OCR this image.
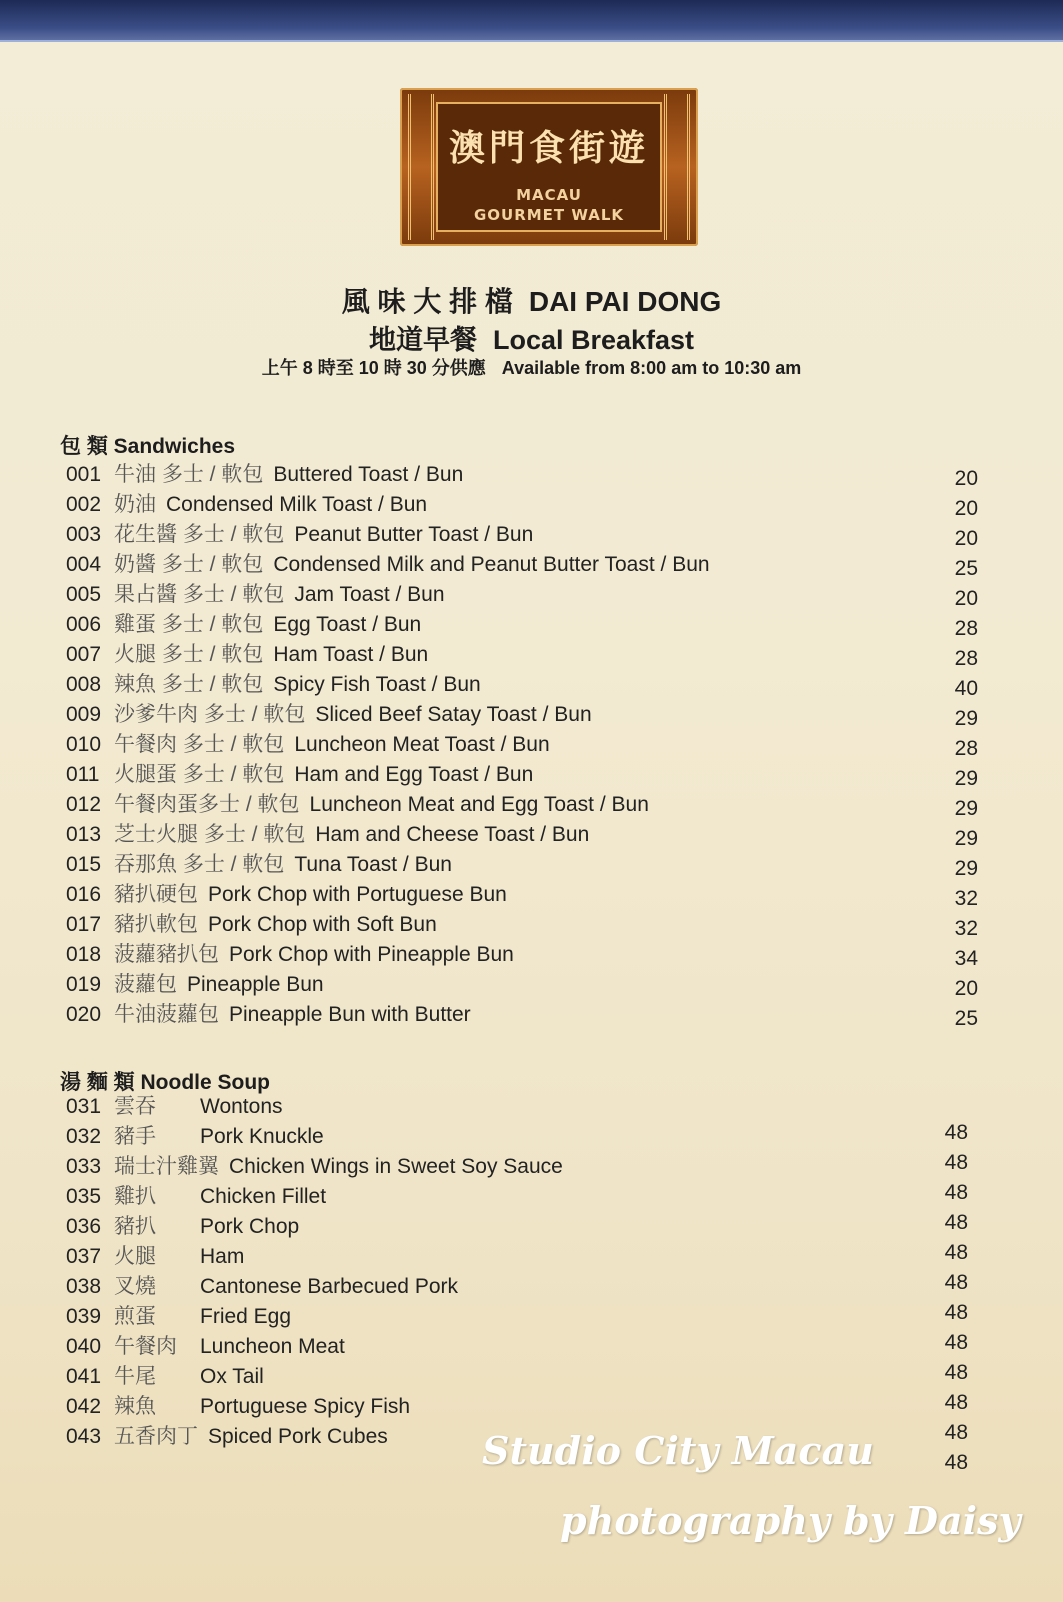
澳門食街遊
MACAU
GOURMET WALK
風 味 大 排 檔 DAI PAI DONG
地道早餐 Local Breakfast
上午 8 時至 10 時 30 分供應 Available from 8:00 am to 10:30 am
包 類 Sandwiches
001 牛油 多士 / 軟包 Buttered Toast / Bun
002 奶油 Condensed Milk Toast / Bun
003 花生醬 多士 / 軟包 Peanut Butter Toast / Bun
004 奶醬 多士 / 軟包 Condensed Milk and Peanut Butter Toast / Bun
005 果占醬 多士 / 軟包 Jam Toast / Bun
006 雞蛋 多士 / 軟包 Egg Toast / Bun
007 火腿 多士 / 軟包 Ham Toast / Bun
008 辣魚 多士 / 軟包 Spicy Fish Toast / Bun
009 沙爹牛肉 多士 / 軟包 Sliced Beef Satay Toast / Bun
010 午餐肉 多士 / 軟包 Luncheon Meat Toast / Bun
011 火腿蛋 多士 / 軟包 Ham and Egg Toast / Bun
012 午餐肉蛋多士 / 軟包 Luncheon Meat and Egg Toast / Bun
013 芝士火腿 多士 / 軟包 Ham and Cheese Toast / Bun
015 吞那魚 多士 / 軟包 Tuna Toast / Bun
016 豬扒硬包 Pork Chop with Portuguese Bun
017 豬扒軟包 Pork Chop with Soft Bun
018 菠蘿豬扒包 Pork Chop with Pineapple Bun
019 菠蘿包 Pineapple Bun
020 牛油菠蘿包 Pineapple Bun with Butter
20
20
20
25
20
28
28
40
29
28
29
29
29
29
32
32
34
20
25
湯 麵 類 Noodle Soup
031 雲吞 Wontons
032 豬手 Pork Knuckle
033 瑞士汁雞翼 Chicken Wings in Sweet Soy Sauce
035 雞扒 Chicken Fillet
036 豬扒 Pork Chop
037 火腿 Ham
038 叉燒 Cantonese Barbecued Pork
039 煎蛋 Fried Egg
040 午餐肉 Luncheon Meat
041 牛尾 Ox Tail
042 辣魚 Portuguese Spicy Fish
043 五香肉丁 Spiced Pork Cubes
48
48
48
48
48
48
48
48
48
48
48
48
Studio City Macau
photography by Daisy
